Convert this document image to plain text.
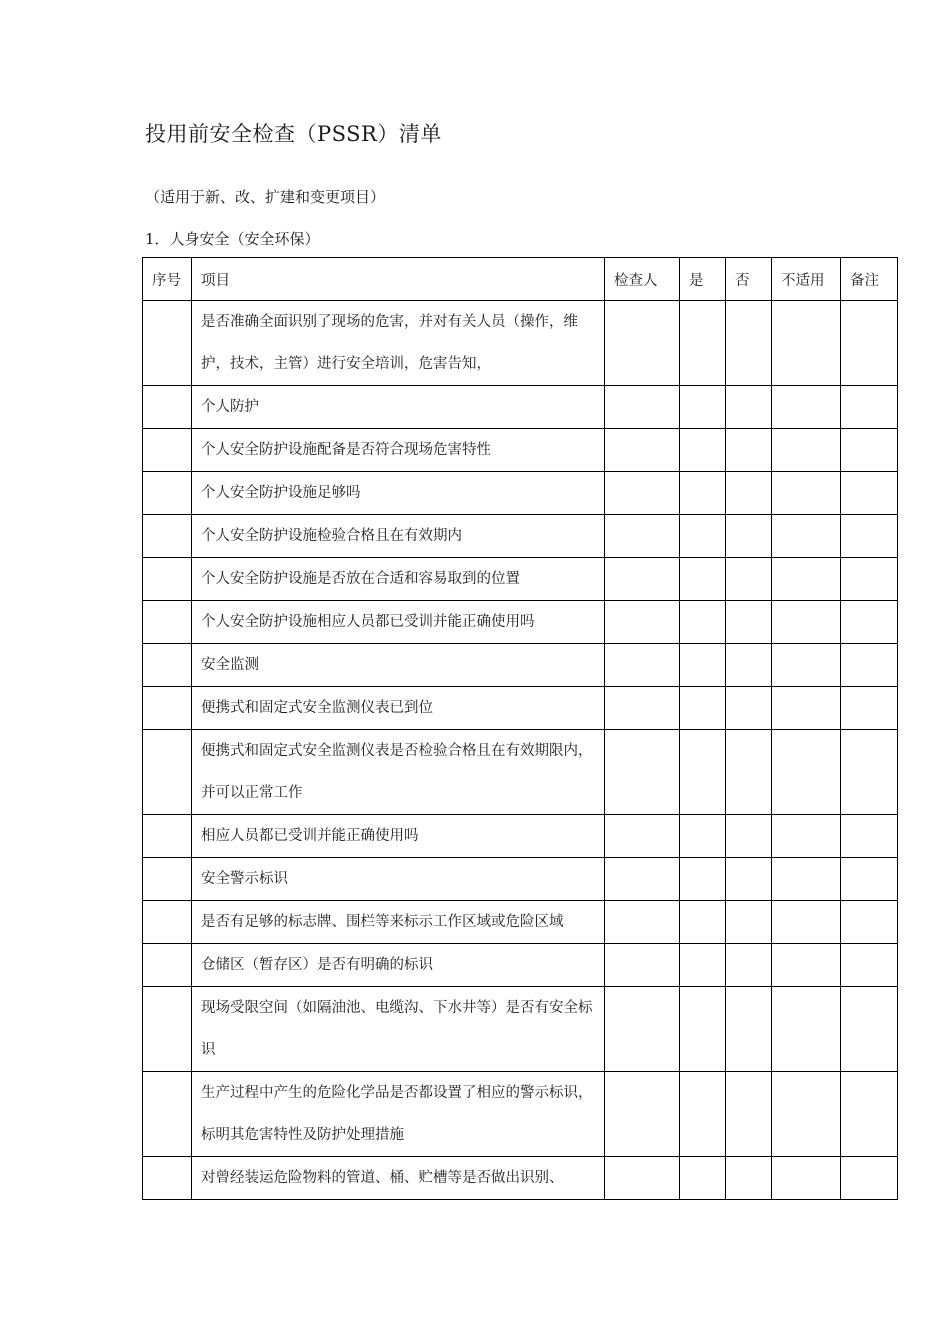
投用前安全检查（PSSR）清单
（适用于新、改、扩建和变更项目）
1．人身安全（安全环保）
序号	项目	检查人	是	否	不适用	备注
	是否准确全面识别了现场的危害，并对有关人员（操作，维护，技术，主管）进行安全培训，危害告知，					
	个人防护					
	个人安全防护设施配备是否符合现场危害特性					
	个人安全防护设施足够吗					
	个人安全防护设施检验合格且在有效期内					
	个人安全防护设施是否放在合适和容易取到的位置					
	个人安全防护设施相应人员都已受训并能正确使用吗					
	安全监测					
	便携式和固定式安全监测仪表已到位					
	便携式和固定式安全监测仪表是否检验合格且在有效期限内，并可以正常工作					
	相应人员都已受训并能正确使用吗					
	安全警示标识					
	是否有足够的标志牌、围栏等来标示工作区域或危险区域					
	仓储区（暂存区）是否有明确的标识					
	现场受限空间（如隔油池、电缆沟、下水井等）是否有安全标识					
	生产过程中产生的危险化学品是否都设置了相应的警示标识，标明其危害特性及防护处理措施					
	对曾经装运危险物料的管道、桶、贮槽等是否做出识别、					
